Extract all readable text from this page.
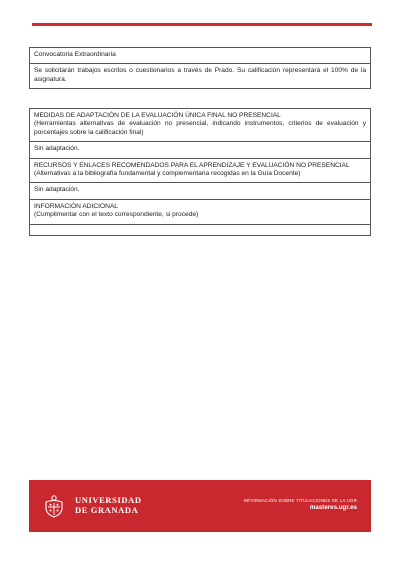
Convocatoria Extraordinaria
Se solicitarán trabajos escritos o cuestionarios a través de Prado. Su calificación representará el 100% de la asignatura.
MEDIDAS DE ADAPTACIÓN DE LA EVALUACIÓN ÚNICA FINAL NO PRESENCIAL
(Herramientas alternativas de evaluación no presencial, indicando instrumentos, criterios de evaluación y porcentajes sobre la calificación final)
Sin adaptación.
RECURSOS Y ENLACES RECOMENDADOS PARA EL APRENDIZAJE Y EVALUACIÓN NO PRESENCIAL
(Alternativas a la bibliografía fundamental y complementaria recogidas en la Guía Docente)
Sin adaptación.
INFORMACIÓN ADICIONAL
(Cumplimentar con el texto correspondiente, si procede)
UNIVERSIDAD
DE GRANADA
INFORMACIÓN SOBRE TITULACIONES DE LA UGR
masteres.ugr.es
